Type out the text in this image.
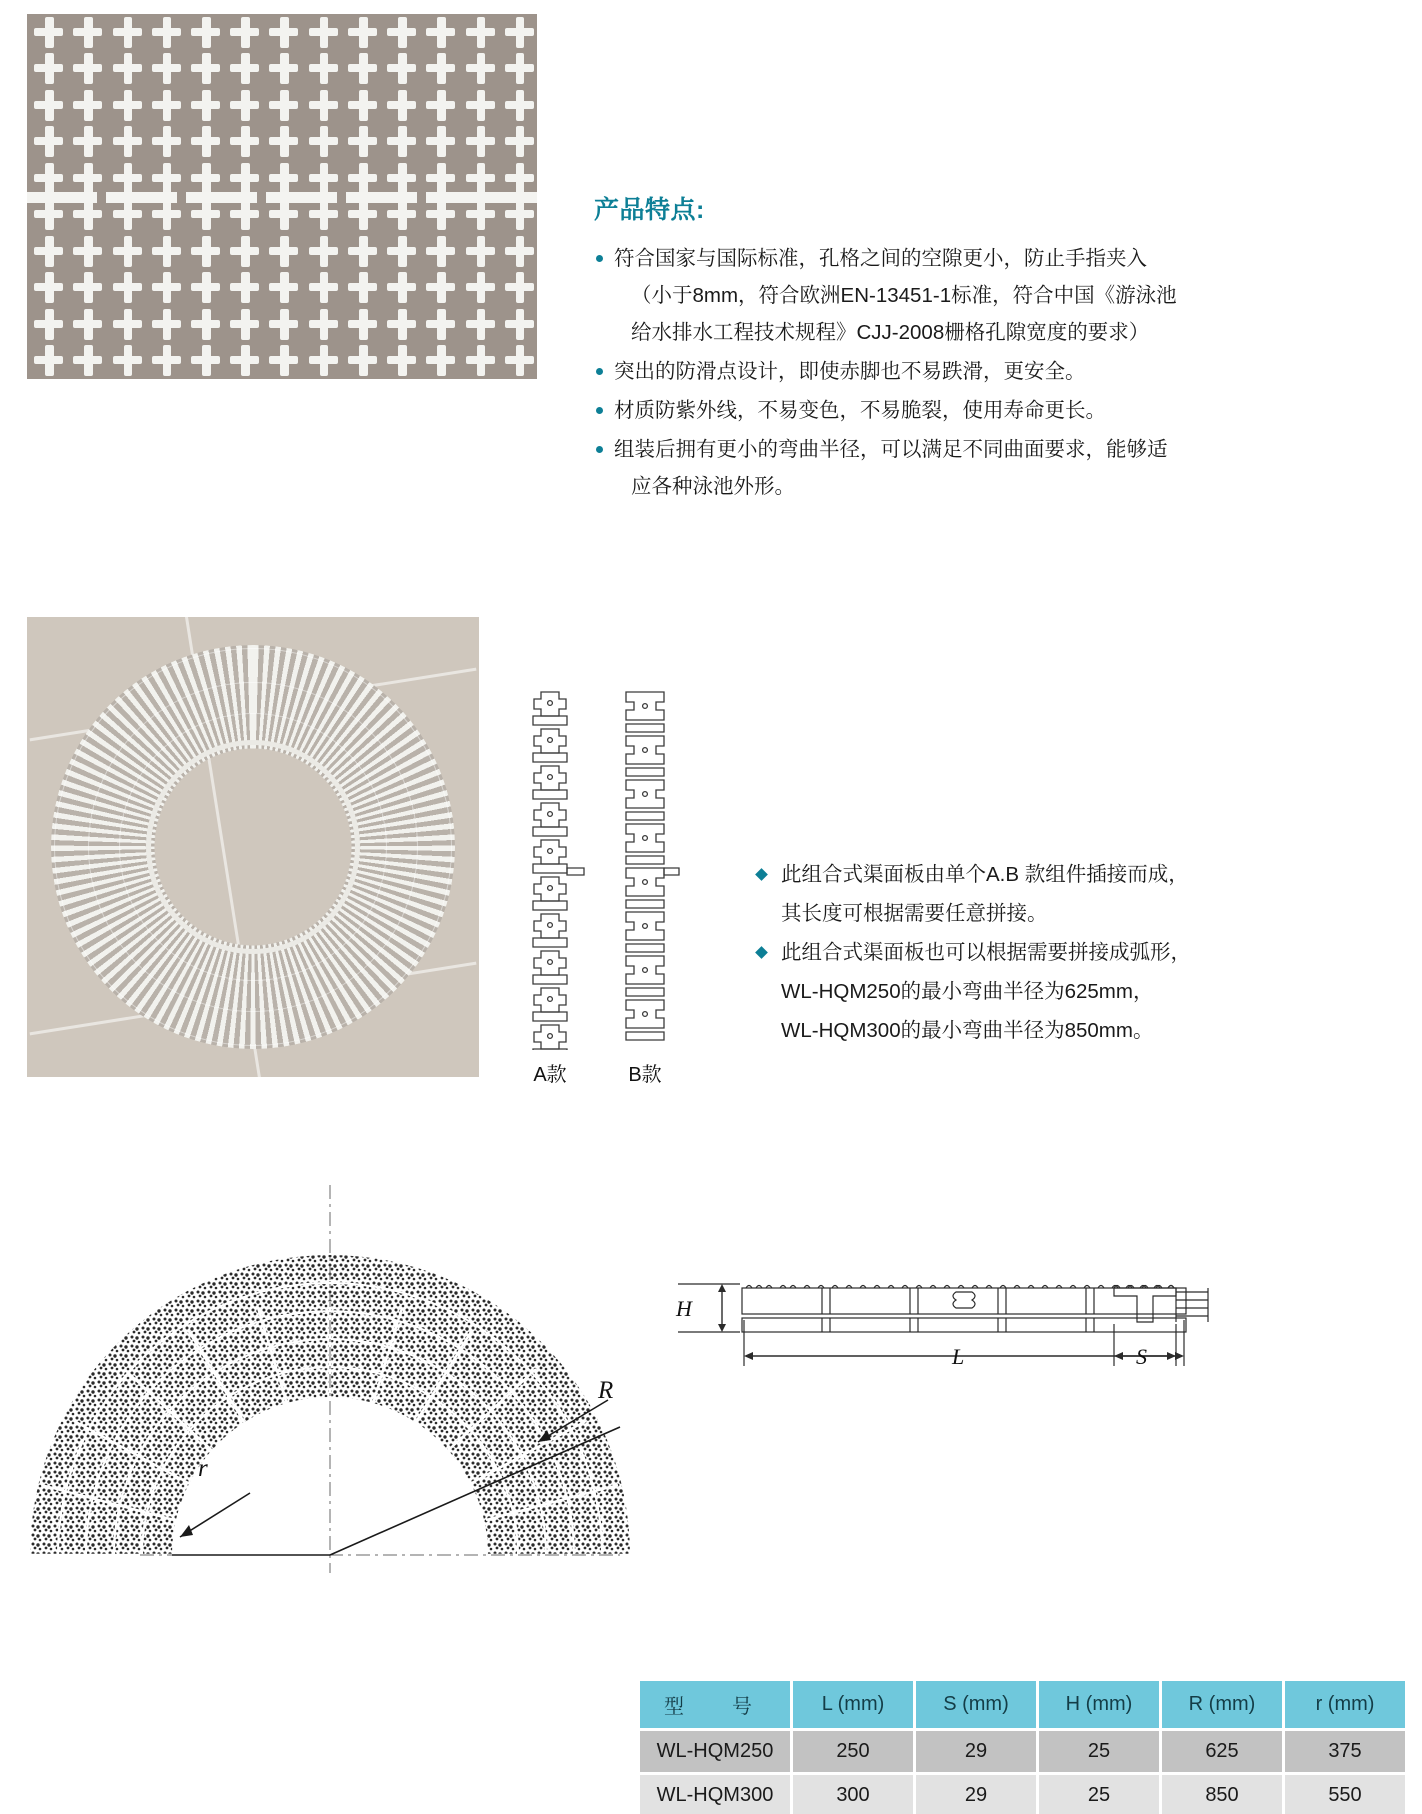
产品特点:
符合国家与国际标准，孔格之间的空隙更小，防止手指夹入
（小于8mm，符合欧洲EN-13451-1标准，符合中国《游泳池
给水排水工程技术规程》CJJ-2008栅格孔隙宽度的要求）
突出的防滑点设计，即使赤脚也不易跌滑，更安全。
材质防紫外线，不易变色，不易脆裂，使用寿命更长。
组装后拥有更小的弯曲半径，可以满足不同曲面要求，能够适
应各种泳池外形。
A款	B款
此组合式渠面板由单个A.B 款组件插接而成，
其长度可根据需要任意拼接。
此组合式渠面板也可以根据需要拼接成弧形，
WL-HQM250的最小弯曲半径为625mm，
WL-HQM300的最小弯曲半径为850mm。
R
r
H
L	S
型　号	L (mm)	S (mm)	H (mm)	R (mm)	r (mm)
WL-HQM250	250	29	25	625	375
WL-HQM300	300	29	25	850	550
